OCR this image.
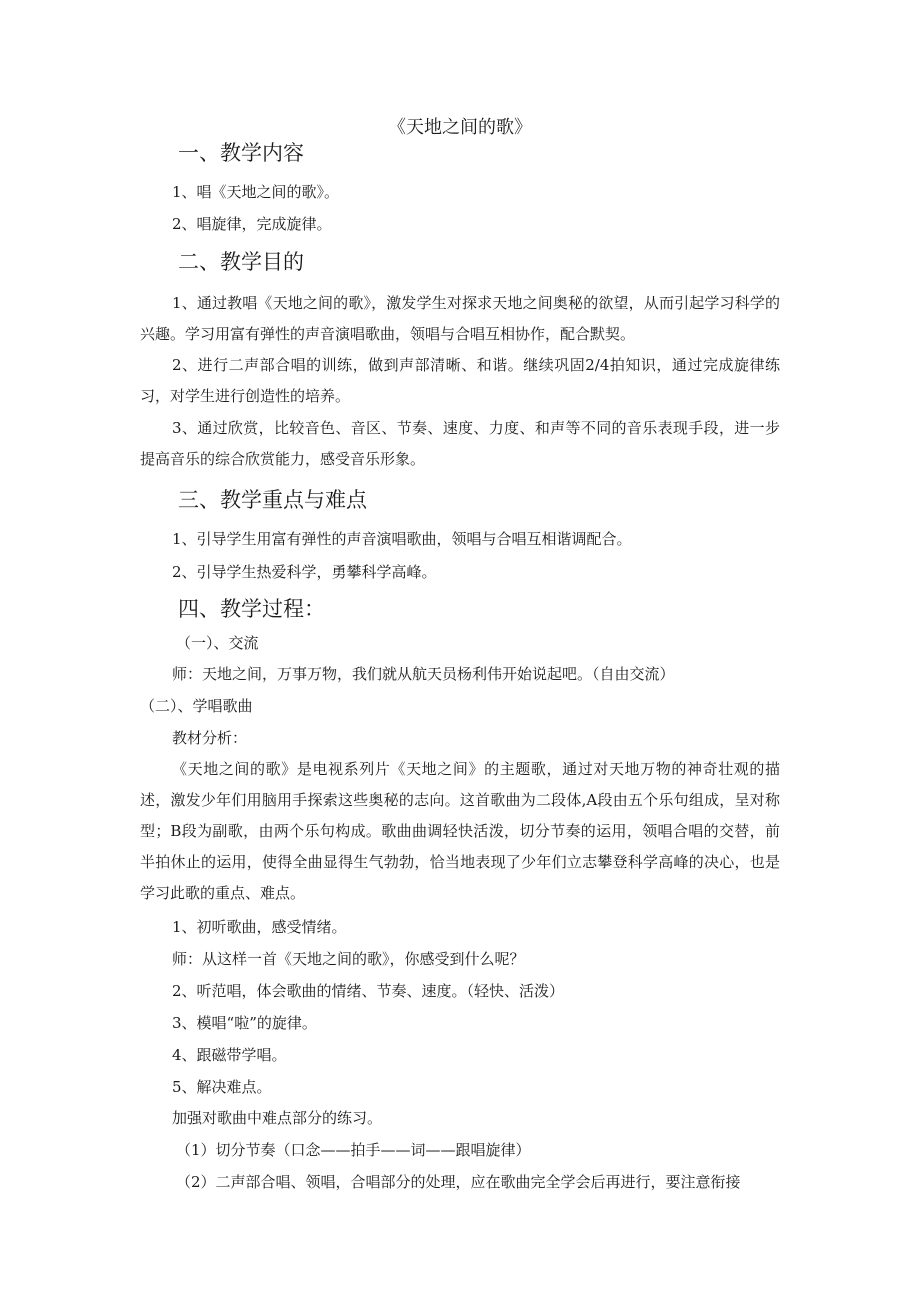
《天地之间的歌》
一、教学内容
1、唱《天地之间的歌》。
2、唱旋律，完成旋律。
二、教学目的
1、通过教唱《天地之间的歌》，激发学生对探求天地之间奥秘的欲望，从而引起学习科学的兴趣。学习用富有弹性的声音演唱歌曲，领唱与合唱互相协作，配合默契。
2、进行二声部合唱的训练，做到声部清晰、和谐。继续巩固2/4拍知识，通过完成旋律练习，对学生进行创造性的培养。
3、通过欣赏，比较音色、音区、节奏、速度、力度、和声等不同的音乐表现手段，进一步提高音乐的综合欣赏能力，感受音乐形象。
三、教学重点与难点
1、引导学生用富有弹性的声音演唱歌曲，领唱与合唱互相谐调配合。
2、引导学生热爱科学，勇攀科学高峰。
四、教学过程：
（一）、交流
师：天地之间，万事万物，我们就从航天员杨利伟开始说起吧。（自由交流）
（二）、学唱歌曲
教材分析：
《天地之间的歌》是电视系列片《天地之间》的主题歌，通过对天地万物的神奇壮观的描述，激发少年们用脑用手探索这些奥秘的志向。这首歌曲为二段体,A段由五个乐句组成，呈对称型；B段为副歌，由两个乐句构成。歌曲曲调轻快活泼，切分节奏的运用，领唱合唱的交替，前半拍休止的运用，使得全曲显得生气勃勃，恰当地表现了少年们立志攀登科学高峰的决心，也是学习此歌的重点、难点。
1、初听歌曲，感受情绪。
师：从这样一首《天地之间的歌》，你感受到什么呢？
2、听范唱，体会歌曲的情绪、节奏、速度。（轻快、活泼）
3、模唱“啦”的旋律。
4、跟磁带学唱。
5、解决难点。
加强对歌曲中难点部分的练习。
（1）切分节奏（口念——拍手——词——跟唱旋律）
（2）二声部合唱、领唱，合唱部分的处理，应在歌曲完全学会后再进行，要注意衔接
